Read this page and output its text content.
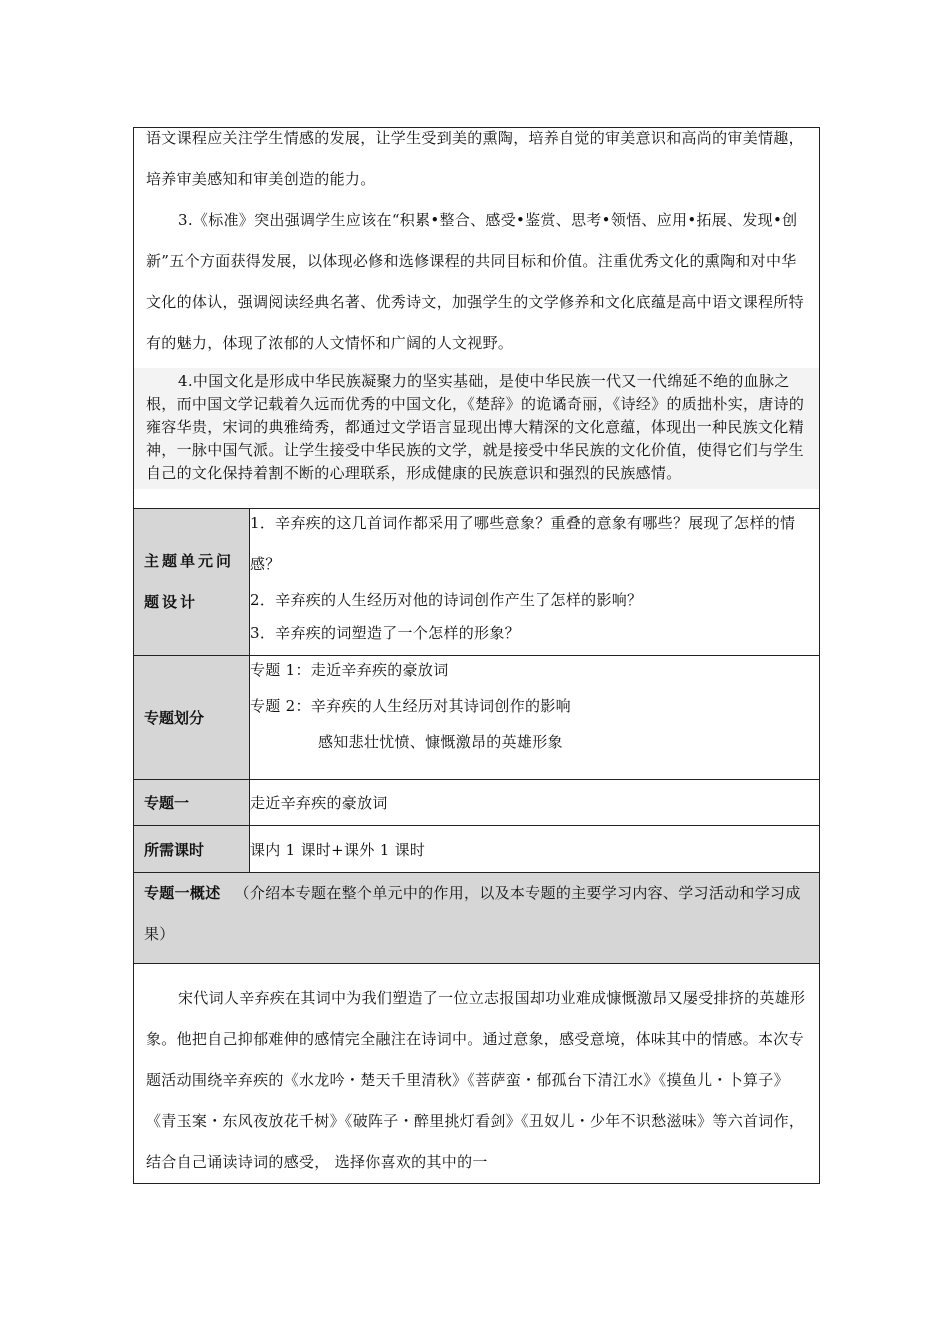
语文课程应关注学生情感的发展，让学生受到美的熏陶，培养自觉的审美意识和高尚的审美情趣，培养审美感知和审美创造的能力。

3.《标准》突出强调学生应该在“积累•整合、感受•鉴赏、思考•领悟、应用•拓展、发现•创新”五个方面获得发展，以体现必修和选修课程的共同目标和价值。注重优秀文化的熏陶和对中华文化的体认，强调阅读经典名著、优秀诗文，加强学生的文学修养和文化底蕴是高中语文课程所特有的魅力，体现了浓郁的人文情怀和广阔的人文视野。

4.中国文化是形成中华民族凝聚力的坚实基础，是使中华民族一代又一代绵延不绝的血脉之根，而中国文学记载着久远而优秀的中国文化，《楚辞》的诡谲奇丽，《诗经》的质拙朴实，唐诗的雍容华贵，宋词的典雅绮秀，都通过文学语言显现出博大精深的文化意蕴，体现出一种民族文化精神，一脉中国气派。让学生接受中华民族的文学，就是接受中华民族的文化价值，使得它们与学生自己的文化保持着割不断的心理联系，形成健康的民族意识和强烈的民族感情。	

主题单元问题设计	1．辛弃疾的这几首词作都采用了哪些意象？重叠的意象有哪些？展现了怎样的情感？

2．辛弃疾的人生经历对他的诗词创作产生了怎样的影响？

3．辛弃疾的词塑造了一个怎样的形象？

专题划分	专题 1：走近辛弃疾的豪放词

专题 2：辛弃疾的人生经历对其诗词创作的影响

感知悲壮忧愤、慷慨激昂的英雄形象

专题一	走近辛弃疾的豪放词

所需课时	课内 1 课时+课外 1 课时

专题一概述 （介绍本专题在整个单元中的作用，以及本专题的主要学习内容、学习活动和学习成果）	

宋代词人辛弃疾在其词中为我们塑造了一位立志报国却功业难成慷慨激昂又屡受排挤的英雄形象。他把自己抑郁难伸的感情完全融注在诗词中。通过意象，感受意境，体味其中的情感。本次专题活动围绕辛弃疾的《水龙吟・楚天千里清秋》《菩萨蛮・郁孤台下清江水》《摸鱼儿・卜算子》《青玉案・东风夜放花千树》《破阵子・醉里挑灯看剑》《丑奴儿・少年不识愁滋味》等六首词作，结合自己诵读诗词的感受， 选择你喜欢的其中的一	
